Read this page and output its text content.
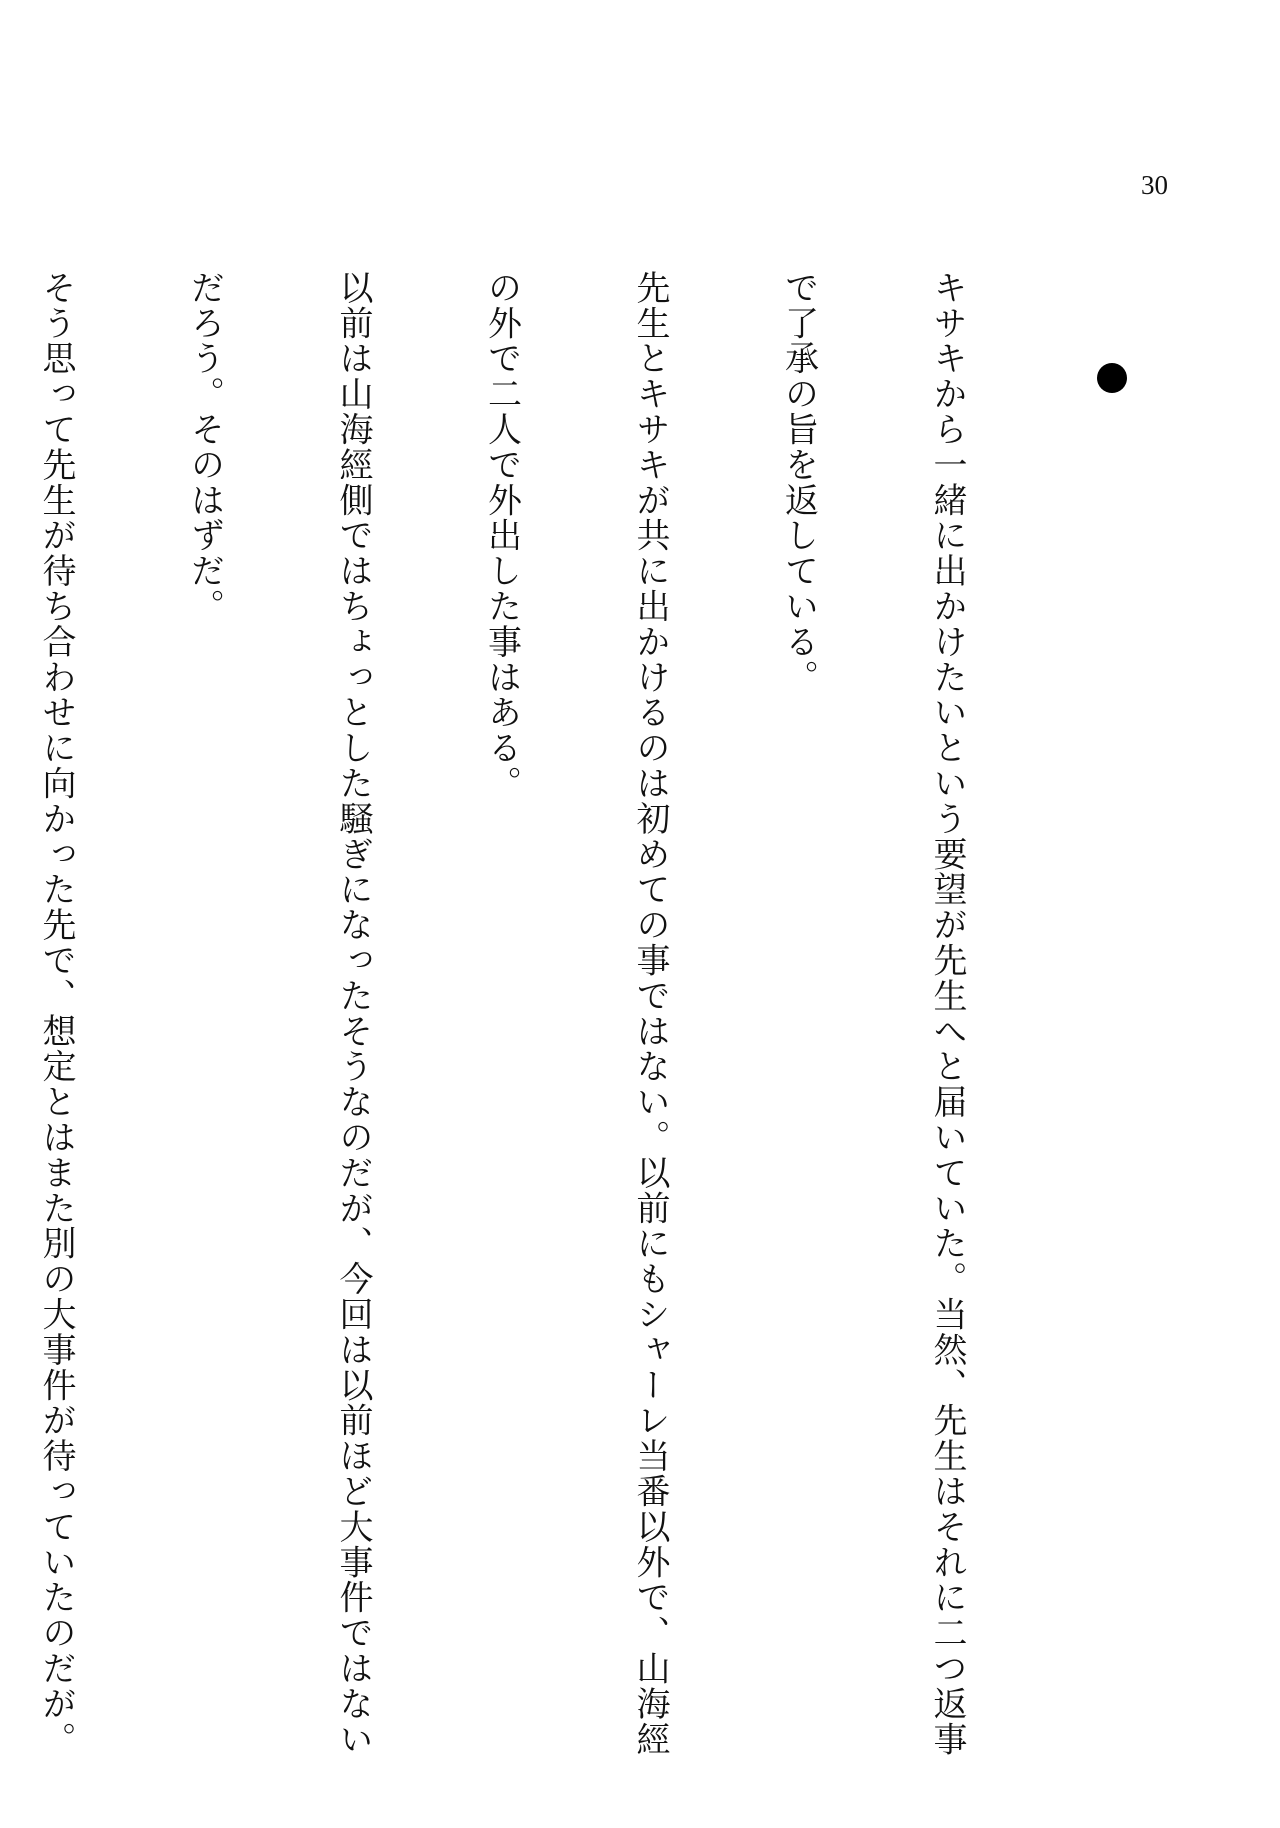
30

キサキから一緒に出かけたいという要望が先生へと届いていた。当然、先生はそれに二つ返事

で了承の旨を返している。

先生とキサキが共に出かけるのは初めての事ではない。以前にもシャーレ当番以外で、山海經

の外で二人で外出した事はある。

以前は山海經側ではちょっとした騒ぎになったそうなのだが、今回は以前ほど大事件ではない

だろう。そのはずだ。

そう思って先生が待ち合わせに向かった先で、想定とはまた別の大事件が待っていたのだが。
